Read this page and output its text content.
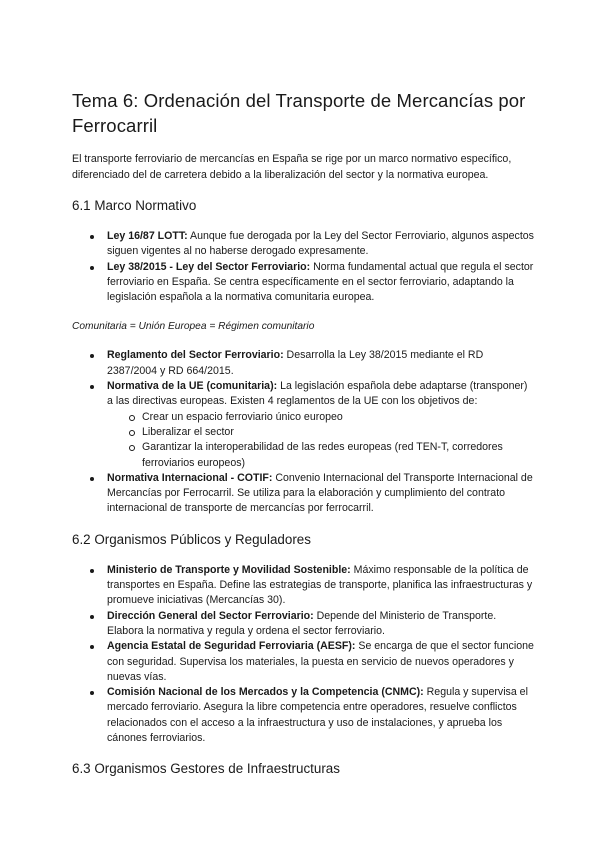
Tema 6: Ordenación del Transporte de Mercancías por Ferrocarril

El transporte ferroviario de mercancías en España se rige por un marco normativo específico, diferenciado del de carretera debido a la liberalización del sector y la normativa europea.

6.1 Marco Normativo
Ley 16/87 LOTT: Aunque fue derogada por la Ley del Sector Ferroviario, algunos aspectos siguen vigentes al no haberse derogado expresamente.
Ley 38/2015 - Ley del Sector Ferroviario: Norma fundamental actual que regula el sector ferroviario en España. Se centra específicamente en el sector ferroviario, adaptando la legislación española a la normativa comunitaria europea.

Comunitaria = Unión Europea = Régimen comunitario

Reglamento del Sector Ferroviario: Desarrolla la Ley 38/2015 mediante el RD 2387/2004 y RD 664/2015.
Normativa de la UE (comunitaria): La legislación española debe adaptarse (transponer) a las directivas europeas. Existen 4 reglamentos de la UE con los objetivos de:
Crear un espacio ferroviario único europeo
Liberalizar el sector
Garantizar la interoperabilidad de las redes europeas (red TEN-T, corredores ferroviarios europeos)
Normativa Internacional - COTIF: Convenio Internacional del Transporte Internacional de Mercancías por Ferrocarril. Se utiliza para la elaboración y cumplimiento del contrato internacional de transporte de mercancías por ferrocarril.
6.2 Organismos Públicos y Reguladores
Ministerio de Transporte y Movilidad Sostenible: Máximo responsable de la política de transportes en España. Define las estrategias de transporte, planifica las infraestructuras y promueve iniciativas (Mercancías 30).
Dirección General del Sector Ferroviario: Depende del Ministerio de Transporte. Elabora la normativa y regula y ordena el sector ferroviario.
Agencia Estatal de Seguridad Ferroviaria (AESF): Se encarga de que el sector funcione con seguridad. Supervisa los materiales, la puesta en servicio de nuevos operadores y nuevas vías.
Comisión Nacional de los Mercados y la Competencia (CNMC): Regula y supervisa el mercado ferroviario. Asegura la libre competencia entre operadores, resuelve conflictos relacionados con el acceso a la infraestructura y uso de instalaciones, y aprueba los cánones ferroviarios.
6.3 Organismos Gestores de Infraestructuras
